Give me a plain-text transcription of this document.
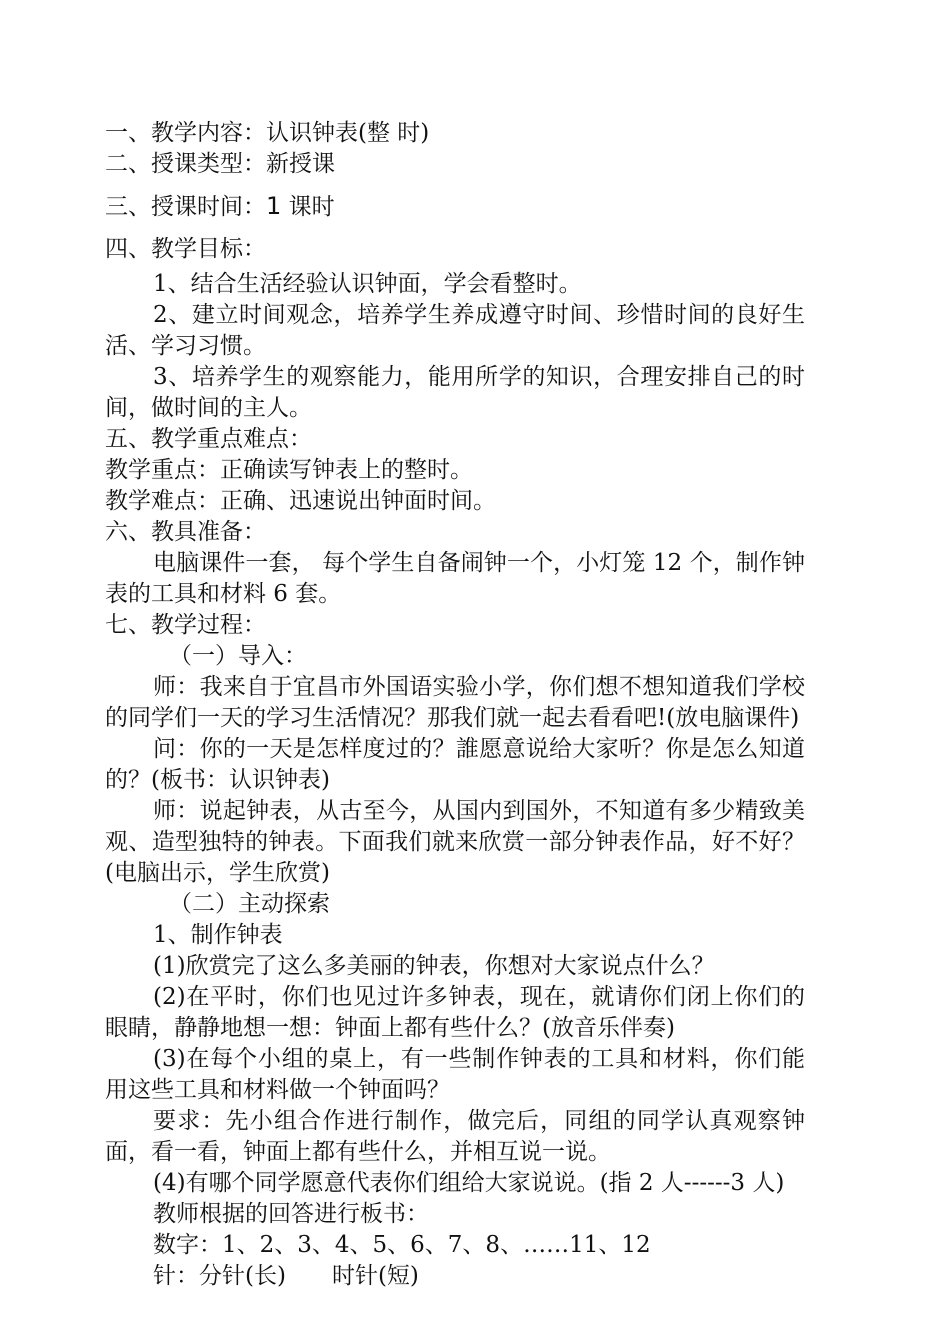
一、教学内容：认识钟表(整 时)

二、授课类型：新授课

三、授课时间：1 课时

四、教学目标：

1、结合生活经验认识钟面，学会看整时。

2、建立时间观念，培养学生养成遵守时间、珍惜时间的良好生活、学习习惯。

3、培养学生的观察能力，能用所学的知识，合理安排自己的时间，做时间的主人。

五、教学重点难点：

教学重点：正确读写钟表上的整时。

教学难点：正确、迅速说出钟面时间。

六、教具准备：

电脑课件一套， 每个学生自备闹钟一个，小灯笼 12 个，制作钟表的工具和材料 6 套。

七、教学过程：

（一）导入：

师：我来自于宜昌市外国语实验小学，你们想不想知道我们学校的同学们一天的学习生活情况？那我们就一起去看看吧!(放电脑课件)

问：你的一天是怎样度过的？誰愿意说给大家听？你是怎么知道的？(板书：认识钟表)

师：说起钟表，从古至今，从国内到国外，不知道有多少精致美观、造型独特的钟表。下面我们就来欣赏一部分钟表作品，好不好？(电脑出示，学生欣赏)

（二）主动探索

1、制作钟表

(1)欣赏完了这么多美丽的钟表，你想对大家说点什么？

(2)在平时，你们也见过许多钟表，现在，就请你们闭上你们的眼睛，静静地想一想：钟面上都有些什么？(放音乐伴奏)

(3)在每个小组的桌上，有一些制作钟表的工具和材料，你们能用这些工具和材料做一个钟面吗？

要求：先小组合作进行制作，做完后，同组的同学认真观察钟面，看一看，钟面上都有些什么，并相互说一说。

(4)有哪个同学愿意代表你们组给大家说说。(指 2 人------3 人)

教师根据的回答进行板书：

数字：1、2、3、4、5、6、7、8、……11、12

针：分针(长)　　时针(短)
